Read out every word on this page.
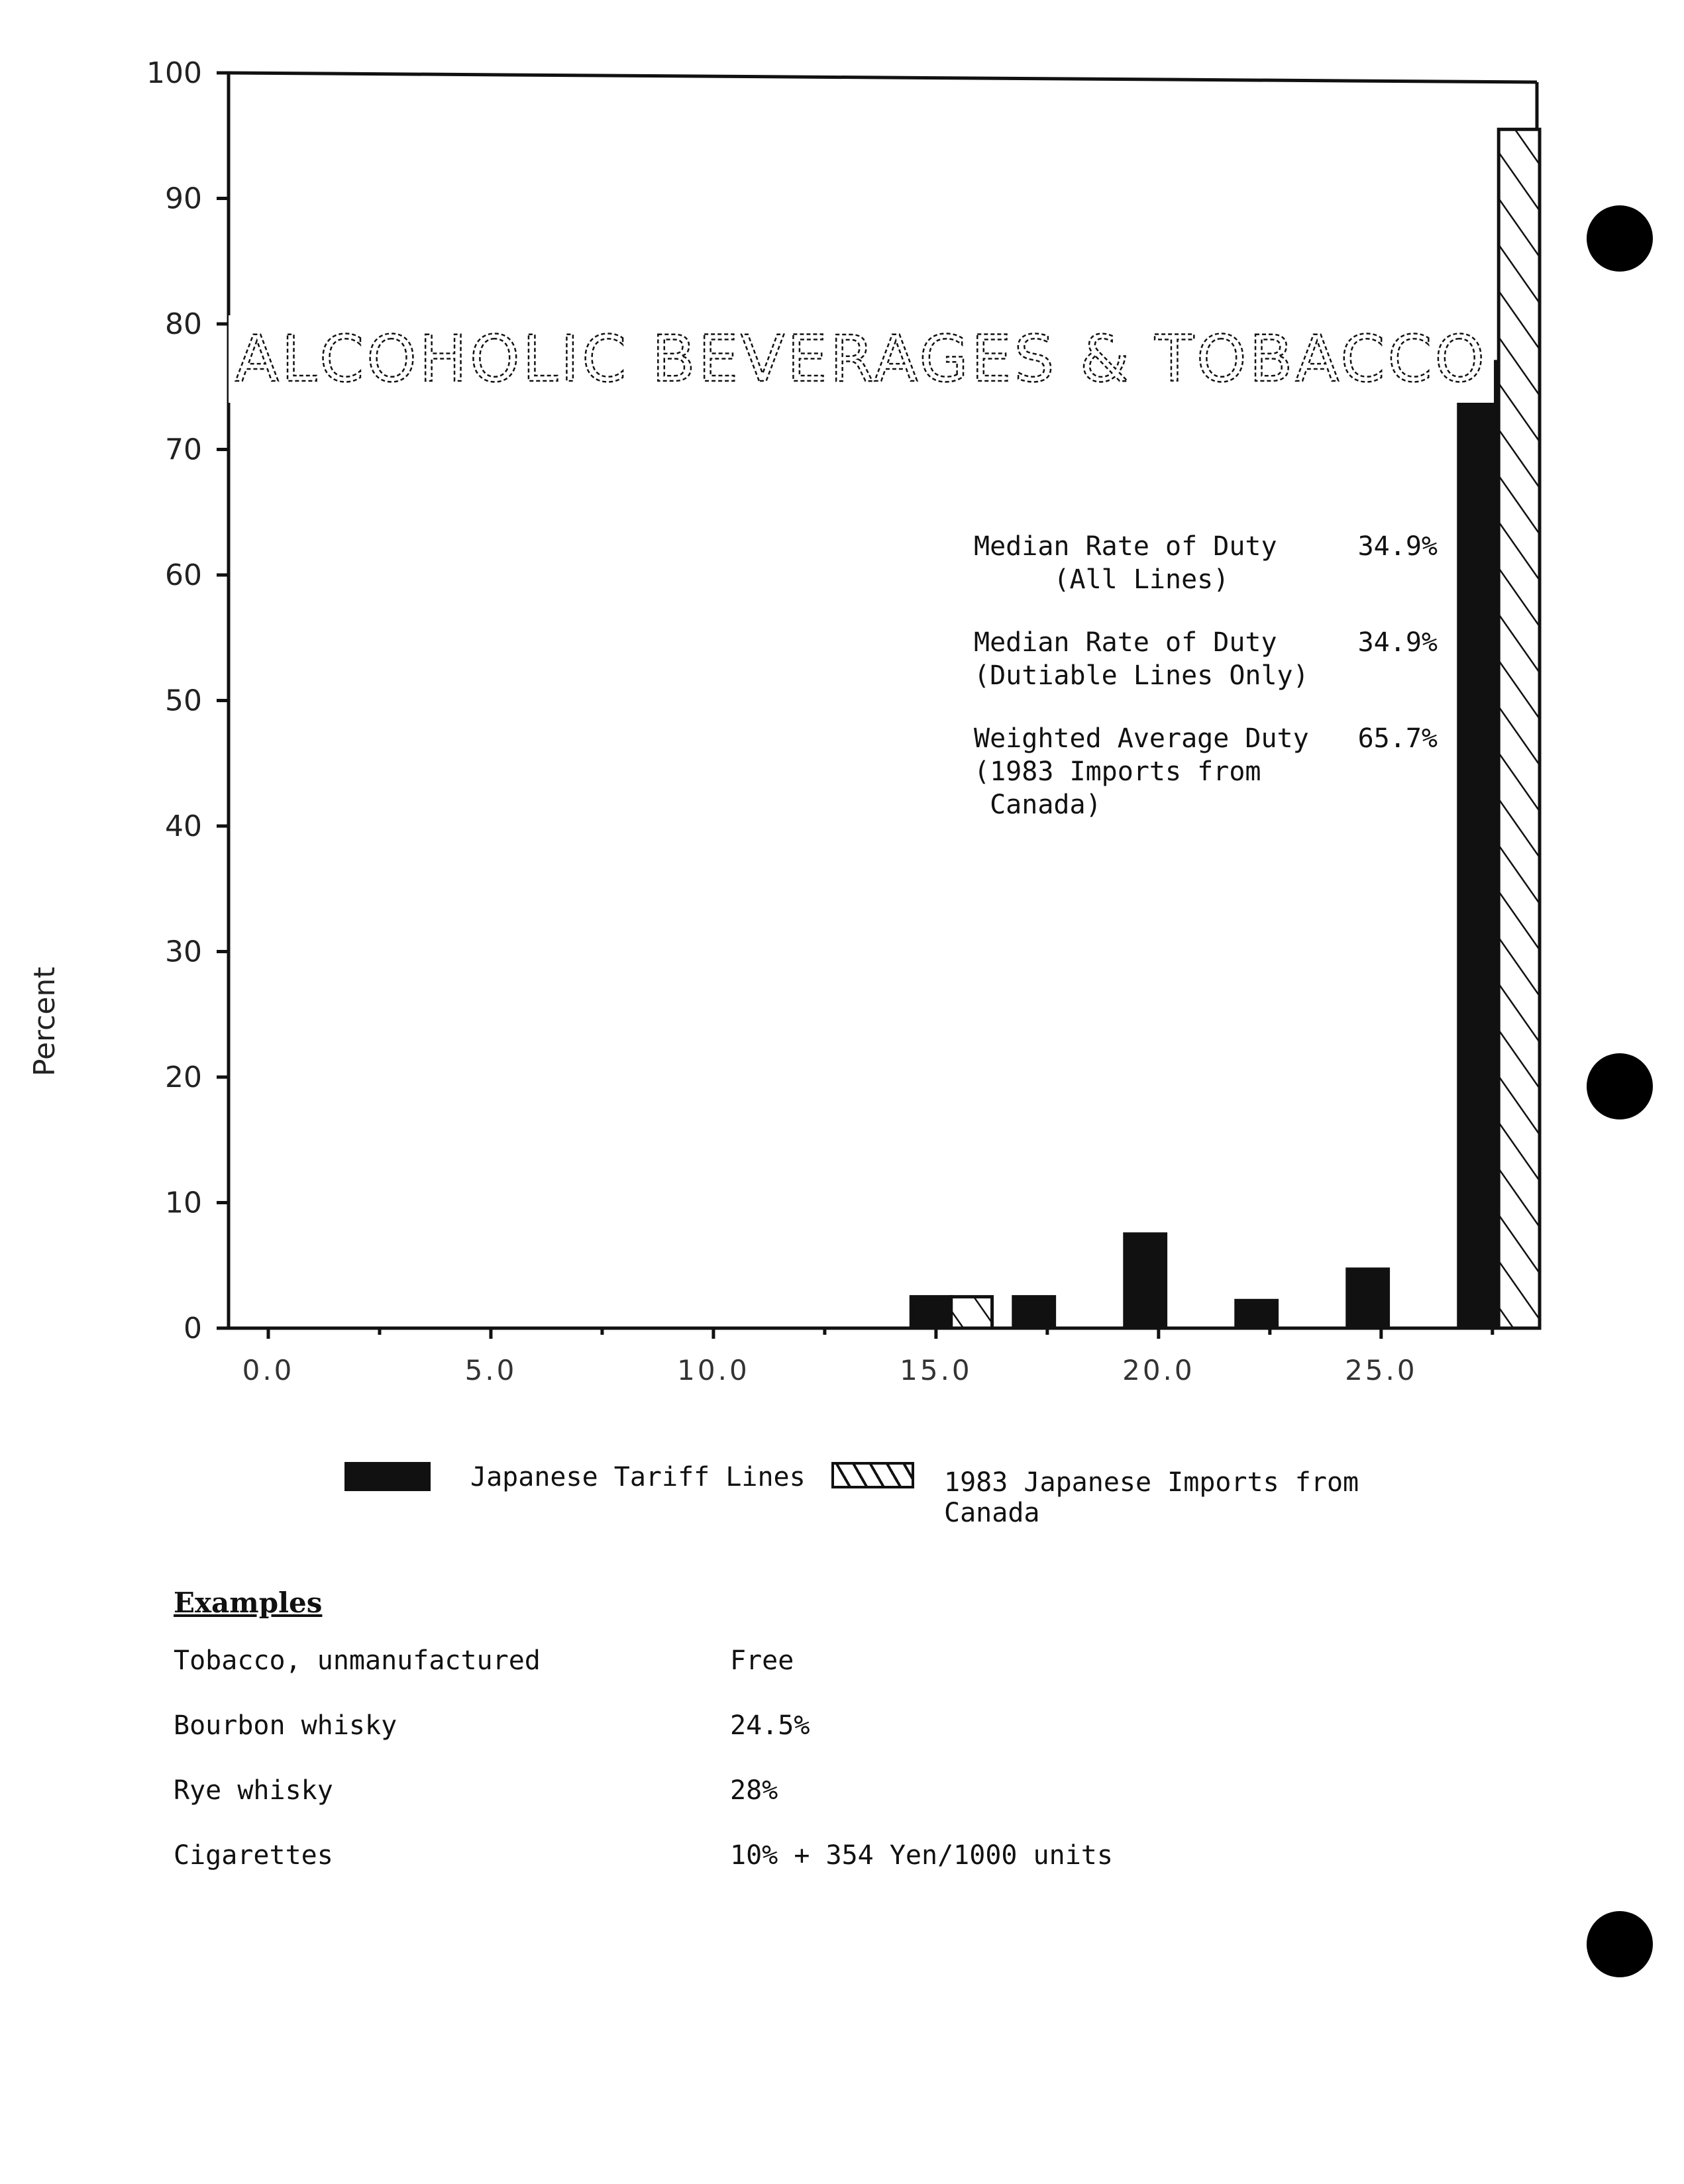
0
10
20
30
40
50
60
70
80
90
100
0.0	5.0	10.0	15.0	20.0	25.0
ALCOHOLIC BEVERAGES & TOBACCO
Percent
Median Rate of Duty	34.9%
(All Lines)
Median Rate of Duty	34.9%
(Dutiable Lines Only)
Weighted Average Duty 65.7%
(1983 Imports from
Canada)
Japanese Tariff Lines	1983 Japanese Imports from Canada
Examples
Tobacco, unmanufactured	Free
Bourbon whisky	24.5%
Rye whisky	28%
Cigarettes	10% + 354 Yen/1000 units
